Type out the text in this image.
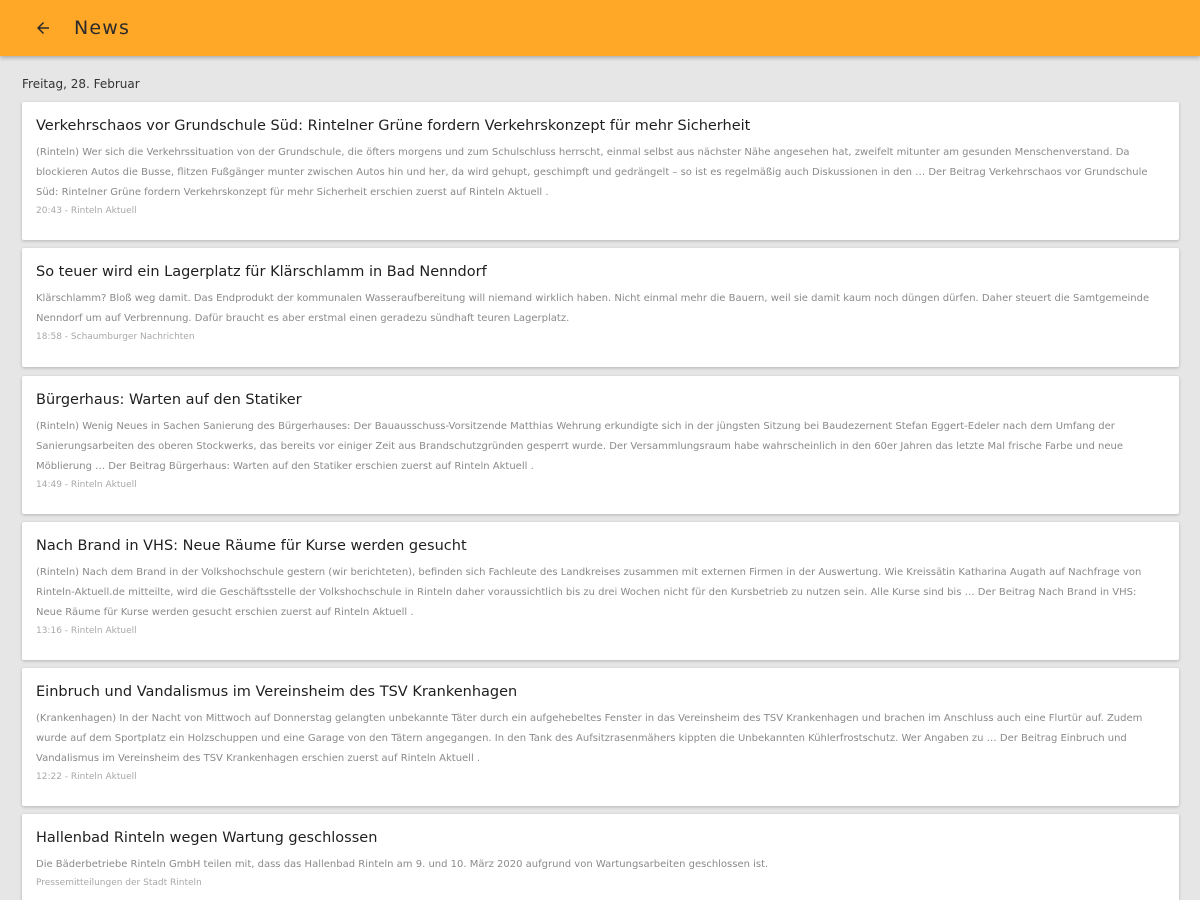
News
Freitag, 28. Februar
Verkehrschaos vor Grundschule Süd: Rintelner Grüne fordern Verkehrskonzept für mehr Sicherheit
(Rinteln) Wer sich die Verkehrssituation von der Grundschule, die öfters morgens und zum Schulschluss herrscht, einmal selbst aus nächster Nähe angesehen hat, zweifelt mitunter am gesunden Menschenverstand. Da blockieren Autos die Busse, flitzen Fußgänger munter zwischen Autos hin und her, da wird gehupt, geschimpft und gedrängelt – so ist es regelmäßig auch Diskussionen in den … Der Beitrag Verkehrschaos vor Grundschule Süd: Rintelner Grüne fordern Verkehrskonzept für mehr Sicherheit erschien zuerst auf Rinteln Aktuell .
20:43 - Rinteln Aktuell
So teuer wird ein Lagerplatz für Klärschlamm in Bad Nenndorf
Klärschlamm? Bloß weg damit. Das Endprodukt der kommunalen Wasseraufbereitung will niemand wirklich haben. Nicht einmal mehr die Bauern, weil sie damit kaum noch düngen dürfen. Daher steuert die Samtgemeinde Nenndorf um auf Verbrennung. Dafür braucht es aber erstmal einen geradezu sündhaft teuren Lagerplatz.
18:58 - Schaumburger Nachrichten
Bürgerhaus: Warten auf den Statiker
(Rinteln) Wenig Neues in Sachen Sanierung des Bürgerhauses: Der Bauausschuss-Vorsitzende Matthias Wehrung erkundigte sich in der jüngsten Sitzung bei Baudezernent Stefan Eggert-Edeler nach dem Umfang der Sanierungsarbeiten des oberen Stockwerks, das bereits vor einiger Zeit aus Brandschutzgründen gesperrt wurde. Der Versammlungsraum habe wahrscheinlich in den 60er Jahren das letzte Mal frische Farbe und neue Möblierung … Der Beitrag Bürgerhaus: Warten auf den Statiker erschien zuerst auf Rinteln Aktuell .
14:49 - Rinteln Aktuell
Nach Brand in VHS: Neue Räume für Kurse werden gesucht
(Rinteln) Nach dem Brand in der Volkshochschule gestern (wir berichteten), befinden sich Fachleute des Landkreises zusammen mit externen Firmen in der Auswertung. Wie Kreissätin Katharina Augath auf Nachfrage von Rinteln-Aktuell.de mitteilte, wird die Geschäftsstelle der Volkshochschule in Rinteln daher voraussichtlich bis zu drei Wochen nicht für den Kursbetrieb zu nutzen sein. Alle Kurse sind bis … Der Beitrag Nach Brand in VHS: Neue Räume für Kurse werden gesucht erschien zuerst auf Rinteln Aktuell .
13:16 - Rinteln Aktuell
Einbruch und Vandalismus im Vereinsheim des TSV Krankenhagen
(Krankenhagen) In der Nacht von Mittwoch auf Donnerstag gelangten unbekannte Täter durch ein aufgehebeltes Fenster in das Vereinsheim des TSV Krankenhagen und brachen im Anschluss auch eine Flurtür auf. Zudem wurde auf dem Sportplatz ein Holzschuppen und eine Garage von den Tätern angegangen. In den Tank des Aufsitzrasenmähers kippten die Unbekannten Kühlerfrostschutz. Wer Angaben zu … Der Beitrag Einbruch und Vandalismus im Vereinsheim des TSV Krankenhagen erschien zuerst auf Rinteln Aktuell .
12:22 - Rinteln Aktuell
Hallenbad Rinteln wegen Wartung geschlossen
Die Bäderbetriebe Rinteln GmbH teilen mit, dass das Hallenbad Rinteln am 9. und 10. März 2020 aufgrund von Wartungsarbeiten geschlossen ist.
Pressemitteilungen der Stadt Rinteln
